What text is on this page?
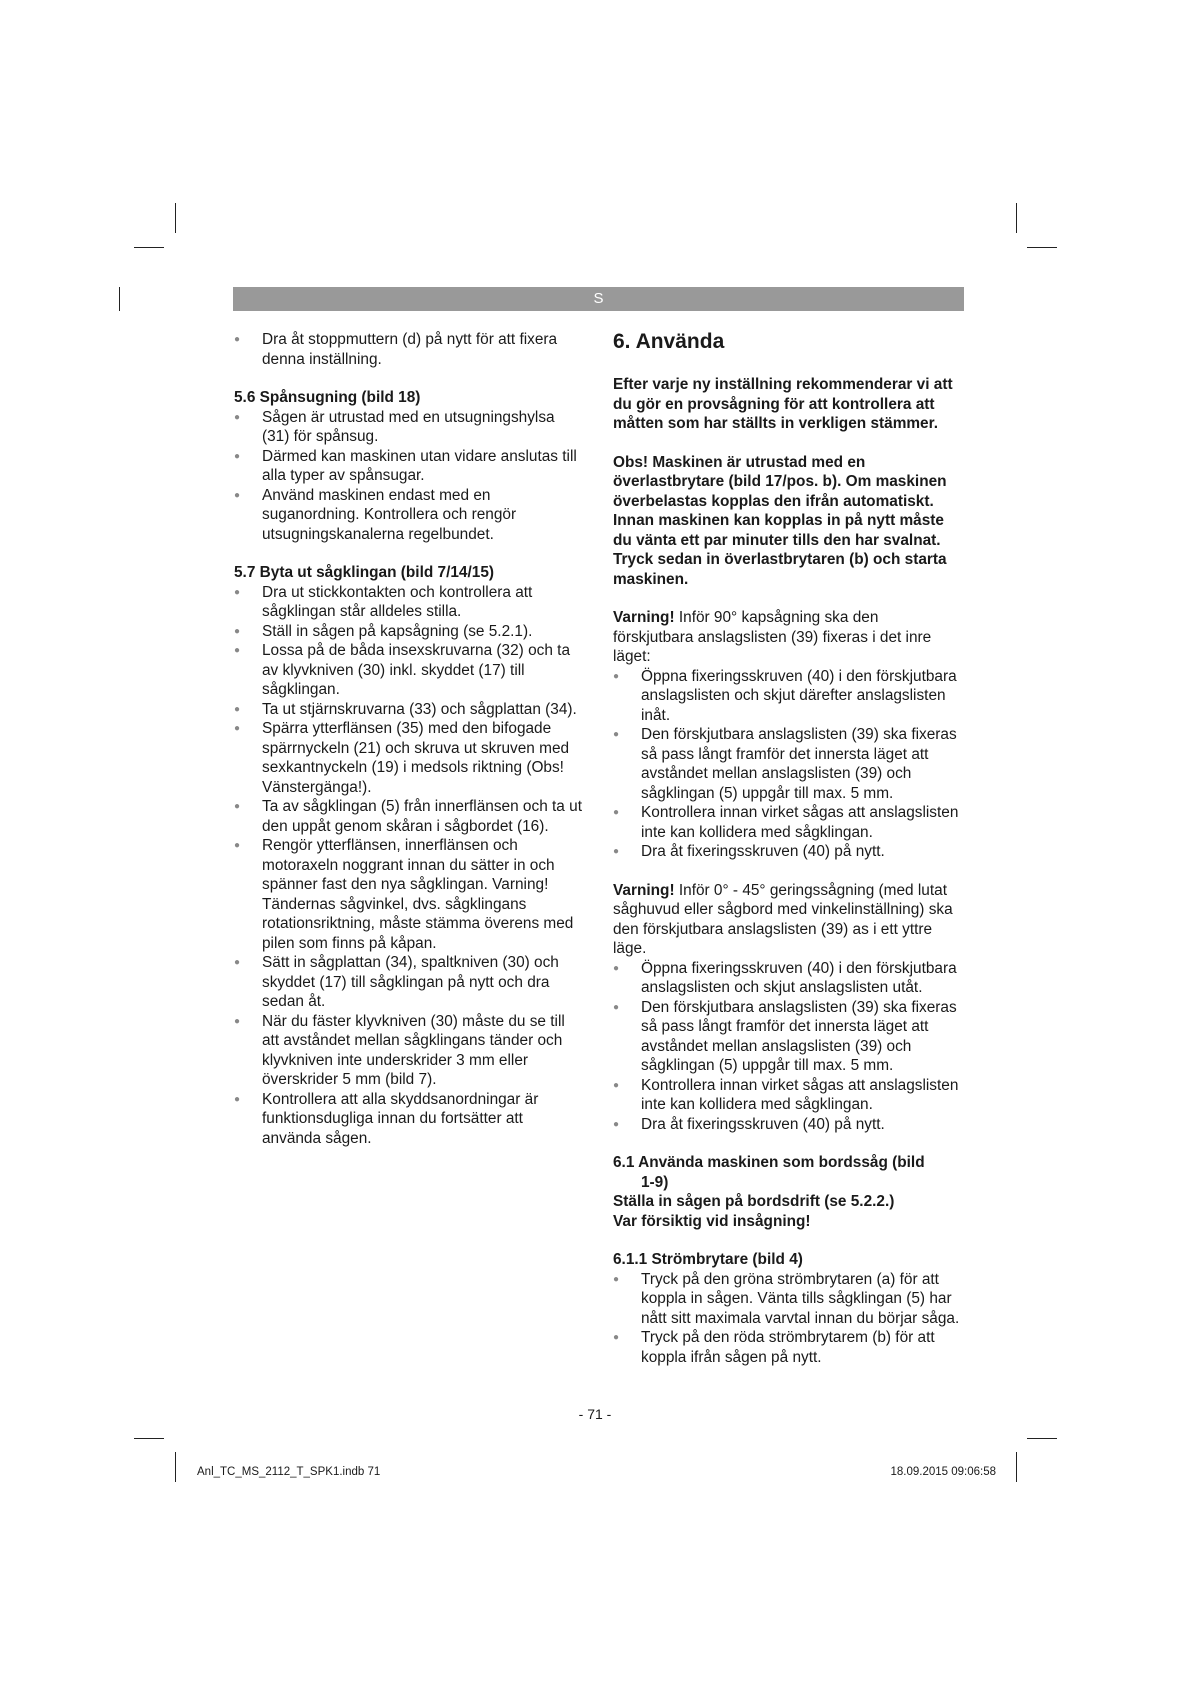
S
● Dra åt stoppmuttern (d) på nytt för att fixera denna inställning.

5.6 Spånsugning (bild 18)

● Sågen är utrustad med en utsugningshylsa (31) för spånsug.
● Därmed kan maskinen utan vidare anslutas till alla typer av spånsugar.
● Använd maskinen endast med en suganordning. Kontrollera och rengör utsugningskanalerna regelbundet.

5.7 Byta ut sågklingan (bild 7/14/15)

● Dra ut stickkontakten och kontrollera att sågklingan står alldeles stilla.
● Ställ in sågen på kapsågning (se 5.2.1).
● Lossa på de båda insexskruvarna (32) och ta av klyvkniven (30) inkl. skyddet (17) till sågklingan.
● Ta ut stjärnskruvarna (33) och sågplattan (34).
● Spärra ytterflänsen (35) med den bifogade spärrnyckeln (21) och skruva ut skruven med sexkantnyckeln (19) i medsols riktning (Obs! Vänstergänga!).
● Ta av sågklingan (5) från innerflänsen och ta ut den uppåt genom skåran i sågbordet (16).
● Rengör ytterflänsen, innerflänsen och motoraxeln noggrant innan du sätter in och spänner fast den nya sågklingan. Varning! Tändernas sågvinkel, dvs. sågklingans rotationsriktning, måste stämma överens med pilen som finns på kåpan.
● Sätt in sågplattan (34), spaltkniven (30) och skyddet (17) till sågklingan på nytt och dra sedan åt.
● När du fäster klyvkniven (30) måste du se till att avståndet mellan sågklingans tänder och klyvkniven inte underskrider 3 mm eller överskrider 5 mm (bild 7).
● Kontrollera att alla skyddsanordningar är funktionsdugliga innan du fortsätter att använda sågen.

6. Använda

Efter varje ny inställning rekommenderar vi att du gör en provsågning för att kontrollera att måtten som har ställts in verkligen stämmer.

Obs! Maskinen är utrustad med en överlastbrytare (bild 17/pos. b). Om maskinen överbelastas kopplas den ifrån automatiskt. Innan maskinen kan kopplas in på nytt måste du vänta ett par minuter tills den har svalnat. Tryck sedan in överlastbrytaren (b) och starta maskinen.

Varning! Inför 90° kapsågning ska den förskjutbara anslagslisten (39) fixeras i det inre läget:

● Öppna fixeringsskruven (40) i den förskjutbara anslagslisten och skjut därefter anslagslisten inåt.
● Den förskjutbara anslagslisten (39) ska fixeras så pass långt framför det innersta läget att avståndet mellan anslagslisten (39) och sågklingan (5) uppgår till max. 5 mm.
● Kontrollera innan virket sågas att anslagslisten inte kan kollidera med sågklingan.
● Dra åt fixeringsskruven (40) på nytt.

Varning! Inför 0° - 45° geringssågning (med lutat såghuvud eller sågbord med vinkelinställning) ska den förskjutbara anslagslisten (39) as i ett yttre läge.

● Öppna fixeringsskruven (40) i den förskjutbara anslagslisten och skjut anslagslisten utåt.
● Den förskjutbara anslagslisten (39) ska fixeras så pass långt framför det innersta läget att avståndet mellan anslagslisten (39) och sågklingan (5) uppgår till max. 5 mm.
● Kontrollera innan virket sågas att anslagslisten inte kan kollidera med sågklingan.
● Dra åt fixeringsskruven (40) på nytt.

6.1 Använda maskinen som bordssåg (bild

1-9)

Ställa in sågen på bordsdrift (se 5.2.2.)

Var försiktig vid insågning!

6.1.1 Strömbrytare (bild 4)

● Tryck på den gröna strömbrytaren (a) för att koppla in sågen. Vänta tills sågklingan (5) har nått sitt maximala varvtal innan du börjar såga.
● Tryck på den röda strömbrytarem (b) för att koppla ifrån sågen på nytt.
- 71 -
Anl_TC_MS_2112_T_SPK1.indb 71	18.09.2015 09:06:58
